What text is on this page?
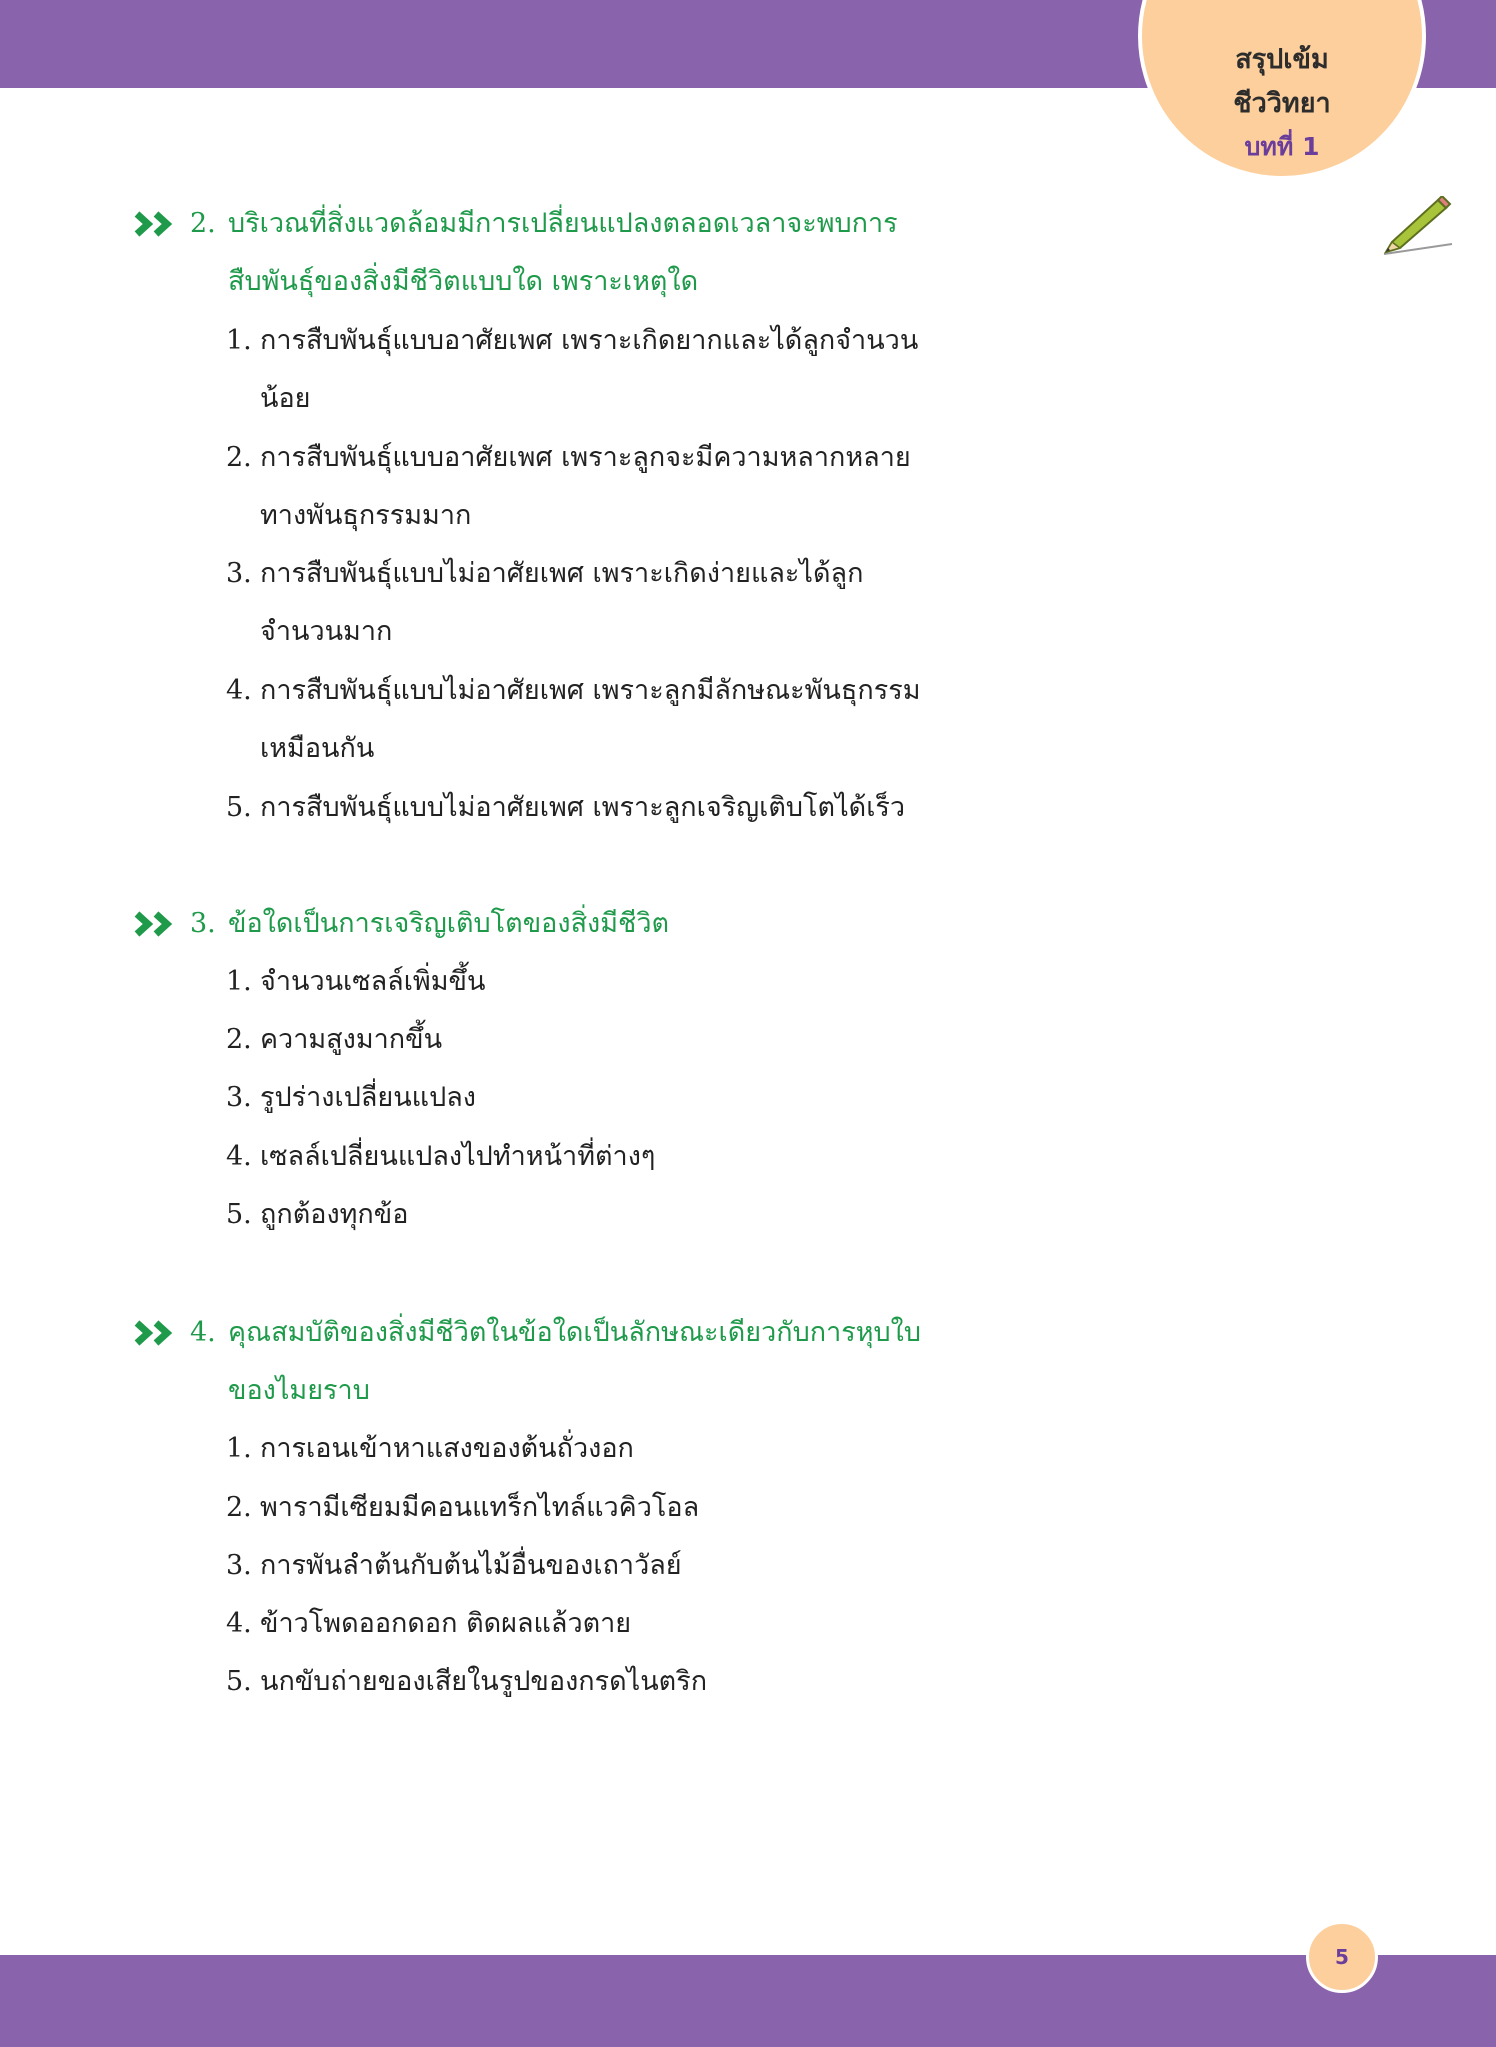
สรุปเข้ม
ชีววิทยา
บทที่ 1
2. บริเวณที่สิ่งแวดล้อมมีการเปลี่ยนแปลงตลอดเวลาจะพบการ
สืบพันธุ์ของสิ่งมีชีวิตแบบใด เพราะเหตุใด
1. การสืบพันธุ์แบบอาศัยเพศ เพราะเกิดยากและได้ลูกจำนวน
น้อย
2. การสืบพันธุ์แบบอาศัยเพศ เพราะลูกจะมีความหลากหลาย
ทางพันธุกรรมมาก
3. การสืบพันธุ์แบบไม่อาศัยเพศ เพราะเกิดง่ายและได้ลูก
จำนวนมาก
4. การสืบพันธุ์แบบไม่อาศัยเพศ เพราะลูกมีลักษณะพันธุกรรม
เหมือนกัน
5. การสืบพันธุ์แบบไม่อาศัยเพศ เพราะลูกเจริญเติบโตได้เร็ว
3. ข้อใดเป็นการเจริญเติบโตของสิ่งมีชีวิต
1. จำนวนเซลล์เพิ่มขึ้น
2. ความสูงมากขึ้น
3. รูปร่างเปลี่ยนแปลง
4. เซลล์เปลี่ยนแปลงไปทำหน้าที่ต่างๆ
5. ถูกต้องทุกข้อ
4. คุณสมบัติของสิ่งมีชีวิตในข้อใดเป็นลักษณะเดียวกับการหุบใบ
ของไมยราบ
1. การเอนเข้าหาแสงของต้นถั่วงอก
2. พารามีเซียมมีคอนแทร็กไทล์แวคิวโอล
3. การพันลำต้นกับต้นไม้อื่นของเถาวัลย์
4. ข้าวโพดออกดอก ติดผลแล้วตาย
5. นกขับถ่ายของเสียในรูปของกรดไนตริก
5
